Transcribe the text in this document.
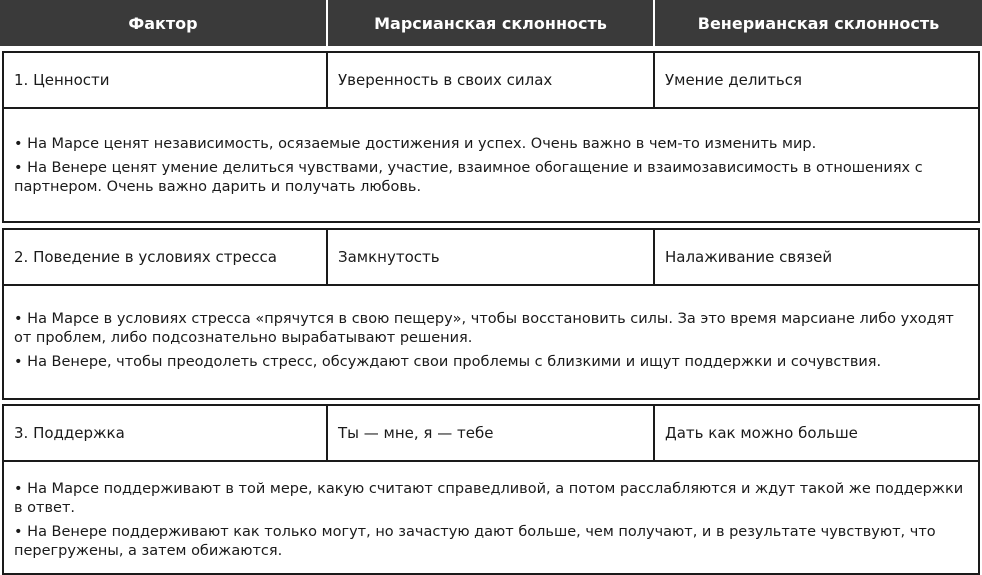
Фактор	Марсианская склонность	Венерианская склонность
1. Ценности	Уверенность в своих силах	Умение делиться

• На Марсе ценят независимость, осязаемые достижения и успех. Очень важно в чем-то изменить мир.

• На Венере ценят умение делиться чувствами, участие, взаимное обогащение и взаимозависимость в отношениях с партнером. Очень важно дарить и получать любовь.

2. Поведение в условиях стресса	Замкнутость	Налаживание связей

• На Марсе в условиях стресса «прячутся в свою пещеру», чтобы восстановить силы. За это время марсиане либо уходят от проблем, либо подсознательно вырабатывают решения.

• На Венере, чтобы преодолеть стресс, обсуждают свои проблемы с близкими и ищут поддержки и сочувствия.

3. Поддержка	Ты — мне, я — тебе	Дать как можно больше

• На Марсе поддерживают в той мере, какую считают справедливой, а потом расслабляются и ждут такой же поддержки в ответ.

• На Венере поддерживают как только могут, но зачастую дают больше, чем получают, и в результате чувствуют, что перегружены, а затем обижаются.
